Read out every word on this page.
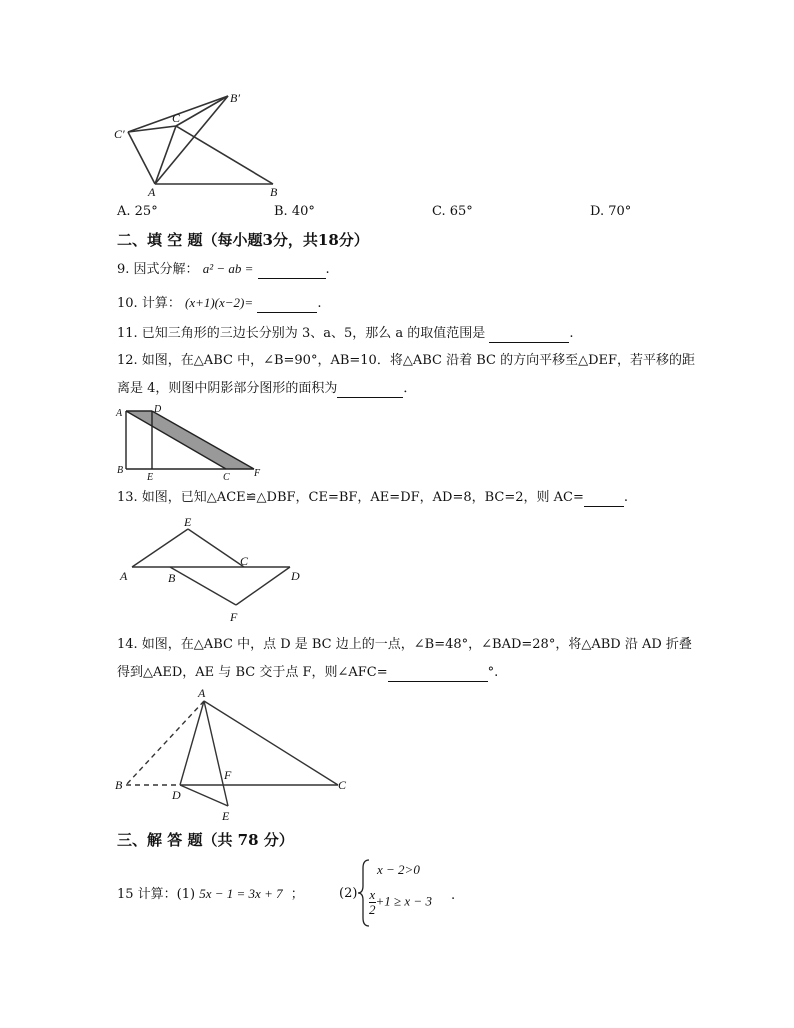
A	B
C
C′
B′
A. 25°	B. 40°	C. 65°	D. 70°
二、填 空 题（每小题3分，共18分）
9. 因式分解： a² − ab =	.
10. 计算： (x+1)(x−2)=	.
11. 已知三角形的三边长分别为 3、a、5，那么 a 的取值范围是	.
12. 如图，在△ABC 中，∠B=90°，AB=10．将△ABC 沿着 BC 的方向平移至△DEF，若平移的距
离是 4，则图中阴影部分图形的面积为	．
A	D
B
E	C F
13. 如图，已知△ACE≌△DBF，CE=BF，AE=DF，AD=8，BC=2，则 AC=	.
E
C
A	B	D
F
14. 如图，在△ABC 中，点 D 是 BC 边上的一点，∠B=48°，∠BAD=28°，将△ABD 沿 AD 折叠
得到△AED，AE 与 BC 交于点 F，则∠AFC=	°.
A
B
D
F
C
E
三、解 答 题（共 78 分）
15 计算：(1) 5x − 1 = 3x + 7 ；	(2)
x − 2>0
$\frac{x}{2} +1 \ge x - 3$ .
